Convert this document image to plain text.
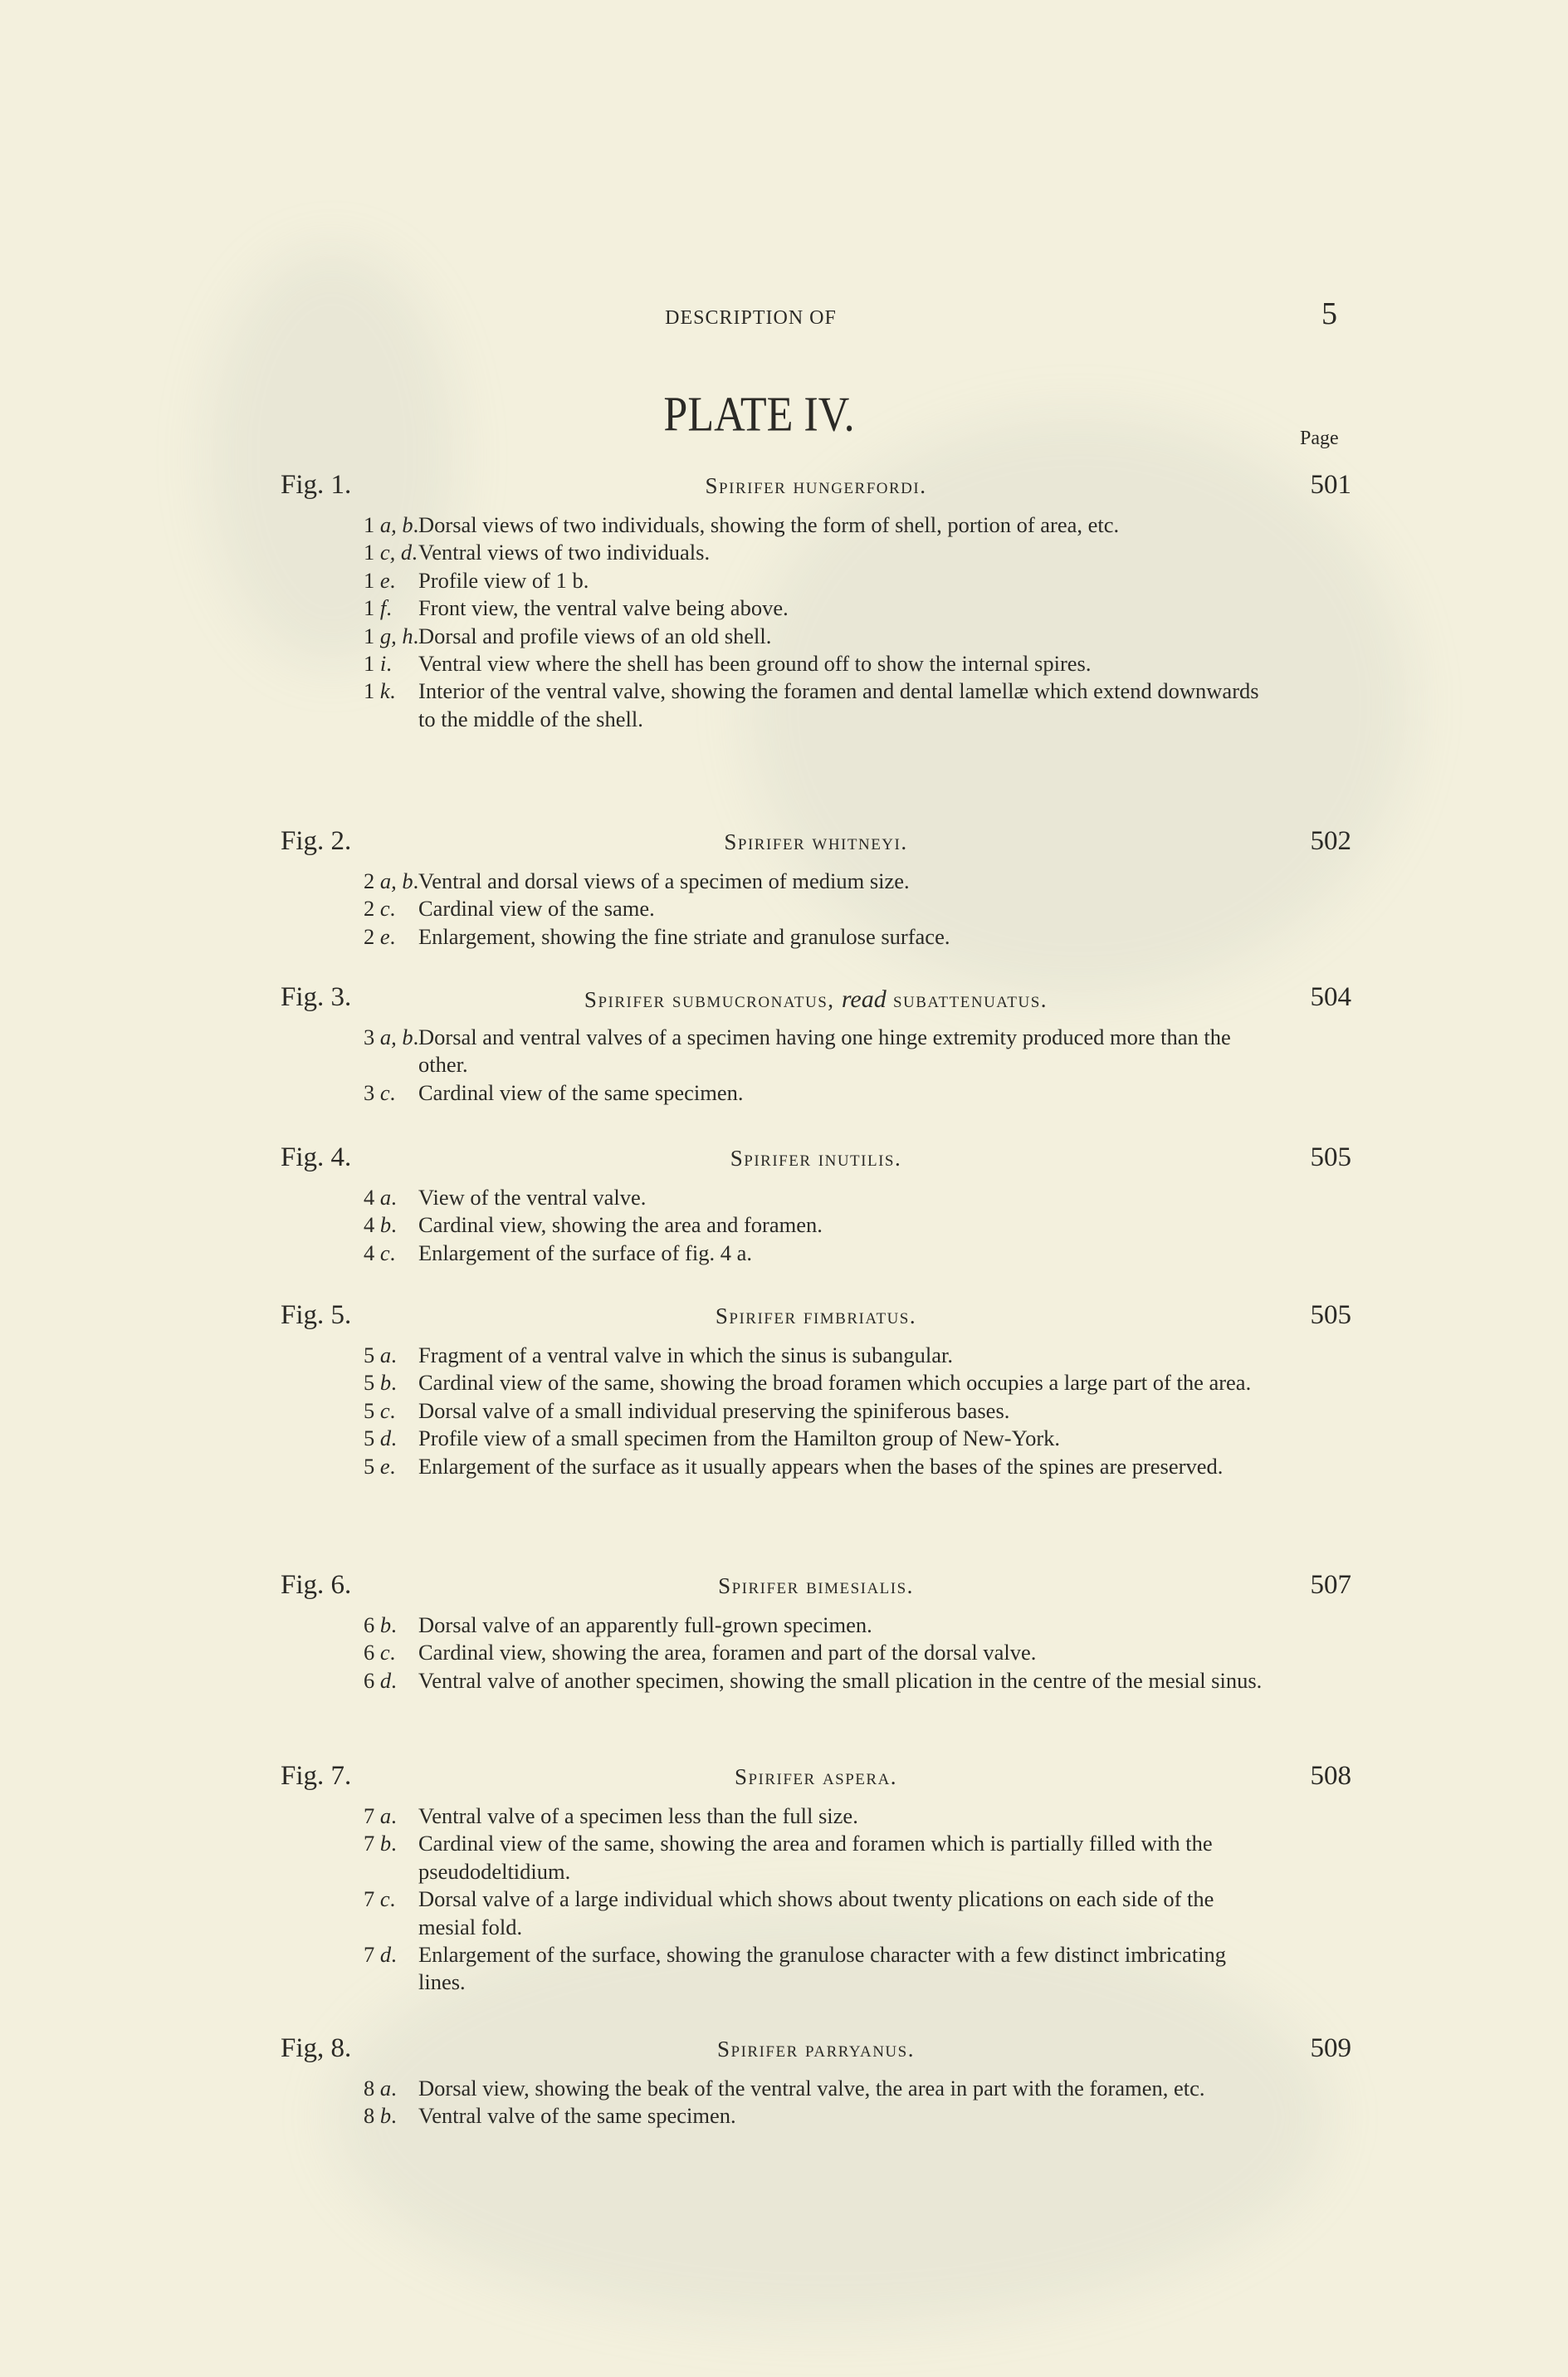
DESCRIPTION OF	5
PLATE IV.	Page
Fig. 1.	Spirifer hungerfordi.	501
1 a, b.Dorsal views of two individuals, showing the form of shell, portion of area, etc.
1 c, d.Ventral views of two individuals.
1 e. Profile view of 1 b.
1 f. Front view, the ventral valve being above.
1 g, h.Dorsal and profile views of an old shell.
1 i. Ventral view where the shell has been ground off to show the internal spires.
1 k. Interior of the ventral valve, showing the foramen and dental lamellæ which extend downwards to the middle of the shell.
Fig. 2.	Spirifer whitneyi.	502
2 a, b.Ventral and dorsal views of a specimen of medium size.
2 c. Cardinal view of the same.
2 e. Enlargement, showing the fine striate and granulose surface.
Fig. 3.	Spirifer submucronatus, read subattenuatus.	504
3 a, b.Dorsal and ventral valves of a specimen having one hinge extremity produced more than the other.
3 c. Cardinal view of the same specimen.
Fig. 4.	Spirifer inutilis.	505
4 a. View of the ventral valve.
4 b. Cardinal view, showing the area and foramen.
4 c. Enlargement of the surface of fig. 4 a.
Fig. 5.	Spirifer fimbriatus.	505
5 a. Fragment of a ventral valve in which the sinus is subangular.
5 b. Cardinal view of the same, showing the broad foramen which occupies a large part of the area.
5 c. Dorsal valve of a small individual preserving the spiniferous bases.
5 d. Profile view of a small specimen from the Hamilton group of New-York.
5 e. Enlargement of the surface as it usually appears when the bases of the spines are preserved.
Fig. 6.	Spirifer bimesialis.	507
6 b. Dorsal valve of an apparently full-grown specimen.
6 c. Cardinal view, showing the area, foramen and part of the dorsal valve.
6 d. Ventral valve of another specimen, showing the small plication in the centre of the mesial sinus.
Fig. 7.	Spirifer aspera.	508
7 a. Ventral valve of a specimen less than the full size.
7 b. Cardinal view of the same, showing the area and foramen which is partially filled with the pseudodeltidium.
7 c. Dorsal valve of a large individual which shows about twenty plications on each side of the mesial fold.
7 d. Enlargement of the surface, showing the granulose character with a few distinct imbricating lines.
Fig, 8.	Spirifer parryanus.	509
8 a. Dorsal view, showing the beak of the ventral valve, the area in part with the foramen, etc.
8 b. Ventral valve of the same specimen.
